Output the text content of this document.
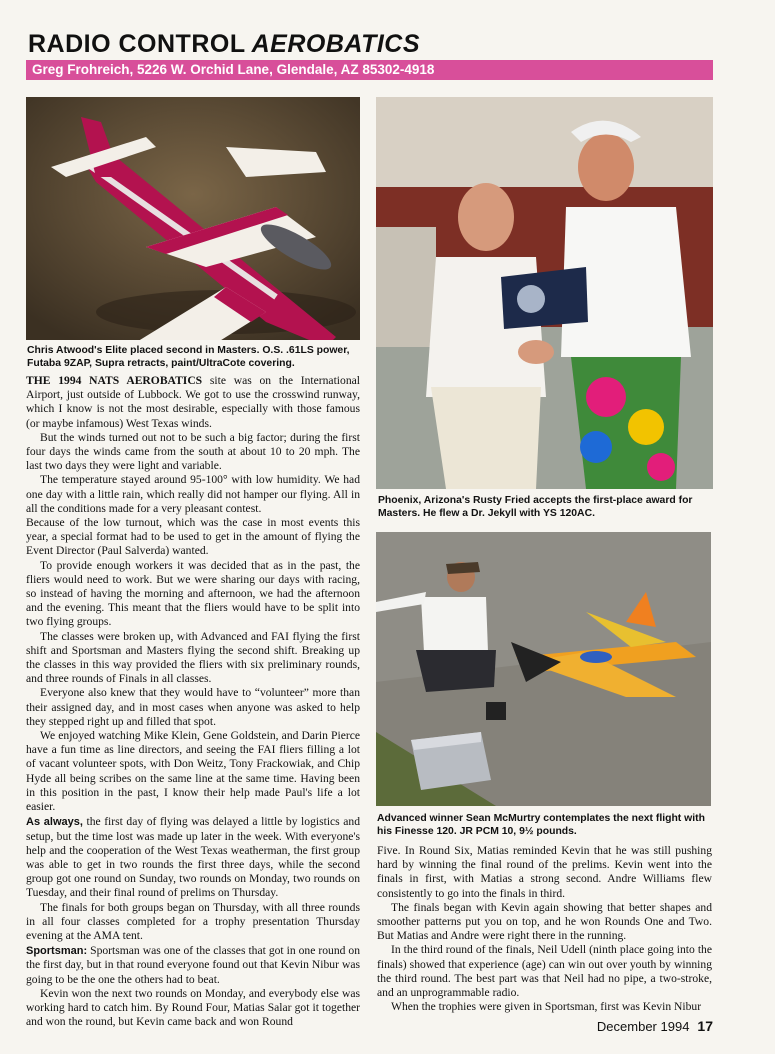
RADIO CONTROL AEROBATICS
Greg Frohreich, 5226 W. Orchid Lane, Glendale, AZ 85302-4918
Chris Atwood's Elite placed second in Masters. O.S. .61LS power, Futaba 9ZAP, Supra retracts, paint/UltraCote covering.
Phoenix, Arizona's Rusty Fried accepts the first-place award for Masters. He flew a Dr. Jekyll with YS 120AC.
Advanced winner Sean McMurtry contemplates the next flight with his Finesse 120. JR PCM 10, 9½ pounds.

THE 1994 NATS AEROBATICS site was on the International Airport, just outside of Lubbock. We got to use the crosswind runway, which I know is not the most desirable, especially with those famous (or maybe infamous) West Texas winds.

But the winds turned out not to be such a big factor; during the first four days the winds came from the south at about 10 to 20 mph. The last two days they were light and variable.

The temperature stayed around 95-100° with low humidity. We had one day with a little rain, which really did not hamper our flying. All in all the conditions made for a very pleasant contest.

Because of the low turnout, which was the case in most events this year, a special format had to be used to get in the amount of flying the Event Director (Paul Salverda) wanted.

To provide enough workers it was decided that as in the past, the fliers would need to work. But we were sharing our days with racing, so instead of having the morning and afternoon, we had the afternoon and the evening. This meant that the fliers would have to be split into two flying groups.

The classes were broken up, with Advanced and FAI flying the first shift and Sportsman and Masters flying the second shift. Breaking up the classes in this way provided the fliers with six preliminary rounds, and three rounds of Finals in all classes.

Everyone also knew that they would have to “volunteer” more than their assigned day, and in most cases when anyone was asked to help they stepped right up and filled that spot.

We enjoyed watching Mike Klein, Gene Goldstein, and Darin Pierce have a fun time as line directors, and seeing the FAI fliers filling a lot of vacant volunteer spots, with Don Weitz, Tony Frackowiak, and Chip Hyde all being scribes on the same line at the same time. Having been in this position in the past, I know their help made Paul's life a lot easier.

As always, the first day of flying was delayed a little by logistics and setup, but the time lost was made up later in the week. With everyone's help and the cooperation of the West Texas weatherman, the first group was able to get in two rounds the first three days, while the second group got one round on Sunday, two rounds on Monday, two rounds on Tuesday, and their final round of prelims on Thursday.

The finals for both groups began on Thursday, with all three rounds in all four classes completed for a trophy presentation Thursday evening at the AMA tent.

Sportsman: Sportsman was one of the classes that got in one round on the first day, but in that round everyone found out that Kevin Nibur was going to be the one the others had to beat.

Kevin won the next two rounds on Monday, and everybody else was working hard to catch him. By Round Four, Matias Salar got it together and won the round, but Kevin came back and won Round

Five. In Round Six, Matias reminded Kevin that he was still pushing hard by winning the final round of the prelims. Kevin went into the finals in first, with Matias a strong second. Andre Williams flew consistently to go into the finals in third.

The finals began with Kevin again showing that better shapes and smoother patterns put you on top, and he won Rounds One and Two. But Matias and Andre were right there in the running.

In the third round of the finals, Neil Udell (ninth place going into the finals) showed that experience (age) can win out over youth by winning the third round. The best part was that Neil had no pipe, a two-stroke, and an unprogrammable radio.

When the trophies were given in Sportsman, first was Kevin Nibur

December 1994 17
